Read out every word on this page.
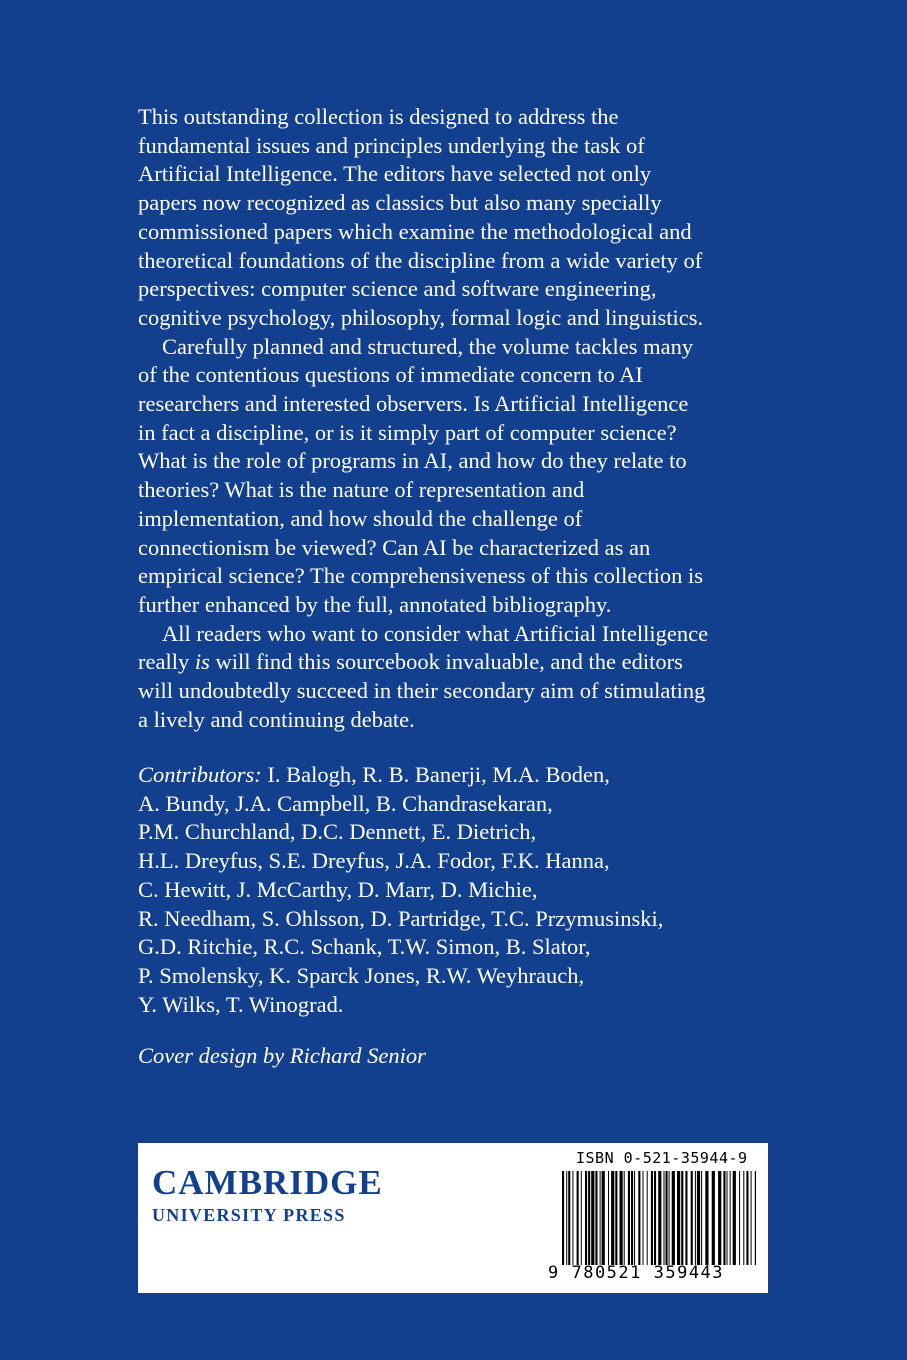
This outstanding collection is designed to address the
fundamental issues and principles underlying the task of
Artificial Intelligence. The editors have selected not only
papers now recognized as classics but also many specially
commissioned papers which examine the methodological and
theoretical foundations of the discipline from a wide variety of
perspectives: computer science and software engineering,
cognitive psychology, philosophy, formal logic and linguistics.

Carefully planned and structured, the volume tackles many
of the contentious questions of immediate concern to AI
researchers and interested observers. Is Artificial Intelligence
in fact a discipline, or is it simply part of computer science?
What is the role of programs in AI, and how do they relate to
theories? What is the nature of representation and
implementation, and how should the challenge of
connectionism be viewed? Can AI be characterized as an
empirical science? The comprehensiveness of this collection is
further enhanced by the full, annotated bibliography.

All readers who want to consider what Artificial Intelligence
really is will find this sourcebook invaluable, and the editors
will undoubtedly succeed in their secondary aim of stimulating
a lively and continuing debate.

Contributors: I. Balogh, R. B. Banerji, M.A. Boden,
A. Bundy, J.A. Campbell, B. Chandrasekaran,
P.M. Churchland, D.C. Dennett, E. Dietrich,
H.L. Dreyfus, S.E. Dreyfus, J.A. Fodor, F.K. Hanna,
C. Hewitt, J. McCarthy, D. Marr, D. Michie,
R. Needham, S. Ohlsson, D. Partridge, T.C. Przymusinski,
G.D. Ritchie, R.C. Schank, T.W. Simon, B. Slator,
P. Smolensky, K. Sparck Jones, R.W. Weyhrauch,
Y. Wilks, T. Winograd.
Cover design by Richard Senior
CAMBRIDGE
UNIVERSITY PRESS
ISBN 0-521-35944-9
9 780521 359443
